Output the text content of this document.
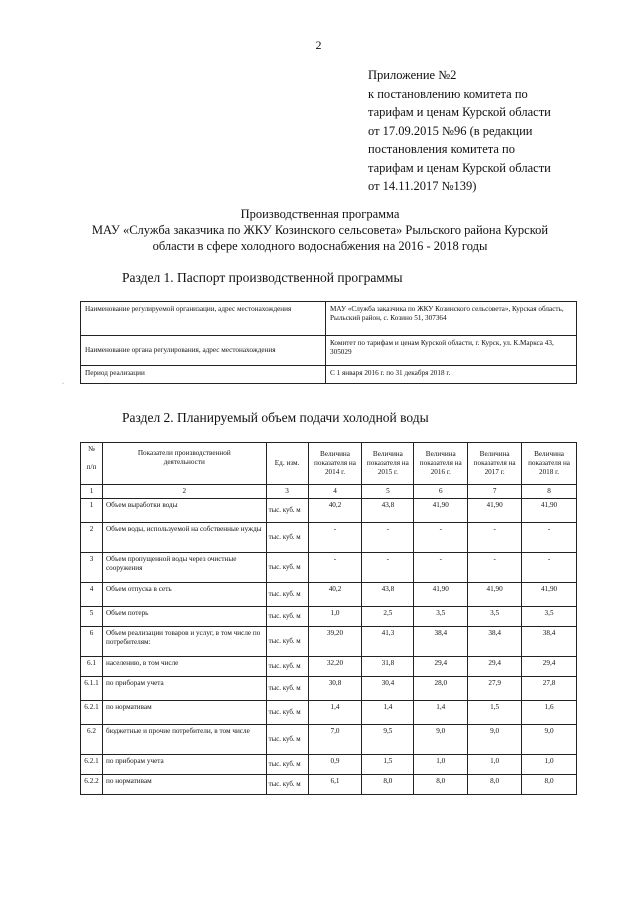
2
Приложение №2
к постановлению комитета по
тарифам и ценам Курской области
от 17.09.2015 №96 (в редакции
постановления комитета по
тарифам и ценам Курской области
от 14.11.2017 №139)
Производственная программа
МАУ «Служба заказчика по ЖКУ Козинского сельсовета» Рыльского района Курской
области в сфере холодного водоснабжения на 2016 - 2018 годы
Раздел 1. Паспорт производственной программы
Наименование регулируемой организации, адрес местонахождения	МАУ «Служба заказчика по ЖКУ Козинского сельсовета», Курская область, Рыльский район, с. Козино 51, 307364
Наименование органа регулирования, адрес местонахождения	Комитет по тарифам и ценам Курской области, г. Курск, ул. К.Маркса 43, 305029
Период реализации	С 1 января 2016 г. по 31 декабря 2018 г.
·
Раздел 2. Планируемый объем подачи холодной воды
№

п/п	Показатели производственной деятельности	Ед. изм.	Величина показателя на 2014 г.	Величина показателя на 2015 г.	Величина показателя на 2016 г.	Величина показателя на 2017 г.	Величина показателя на 2018 г.
1	2	3	4	5	6	7	8
1	Объем выработки воды	тыс. куб. м	40,2	43,8	41,90	41,90	41,90
2	Объем воды, используемой на собственные нужды	тыс. куб. м	-	-	-	-	-
3	Объем пропущенной воды через очистные сооружения	тыс. куб. м	-	-	-	-	-
4	Объем отпуска в сеть	тыс. куб. м	40,2	43,8	41,90	41,90	41,90
5	Объем потерь	тыс. куб. м	1,0	2,5	3,5	3,5	3,5
6	Объем реализации товаров и услуг, в том числе по потребителям:	тыс. куб. м	39,20	41,3	38,4	38,4	38,4
6.1	населению, в том числе	тыс. куб. м	32,20	31,8	29,4	29,4	29,4
6.1.1	по приборам учета	тыс. куб. м	30,8	30,4	28,0	27,9	27,8
6.2.1	по нормативам	тыс. куб. м	1,4	1,4	1,4	1,5	1,6
6.2	бюджетные и прочие потребители, в том числе	тыс. куб. м	7,0	9,5	9,0	9,0	9,0
6.2.1	по приборам учета	тыс. куб. м	0,9	1,5	1,0	1,0	1,0
6.2.2	по нормативам	тыс. куб. м	6,1	8,0	8,0	8,0	8,0
